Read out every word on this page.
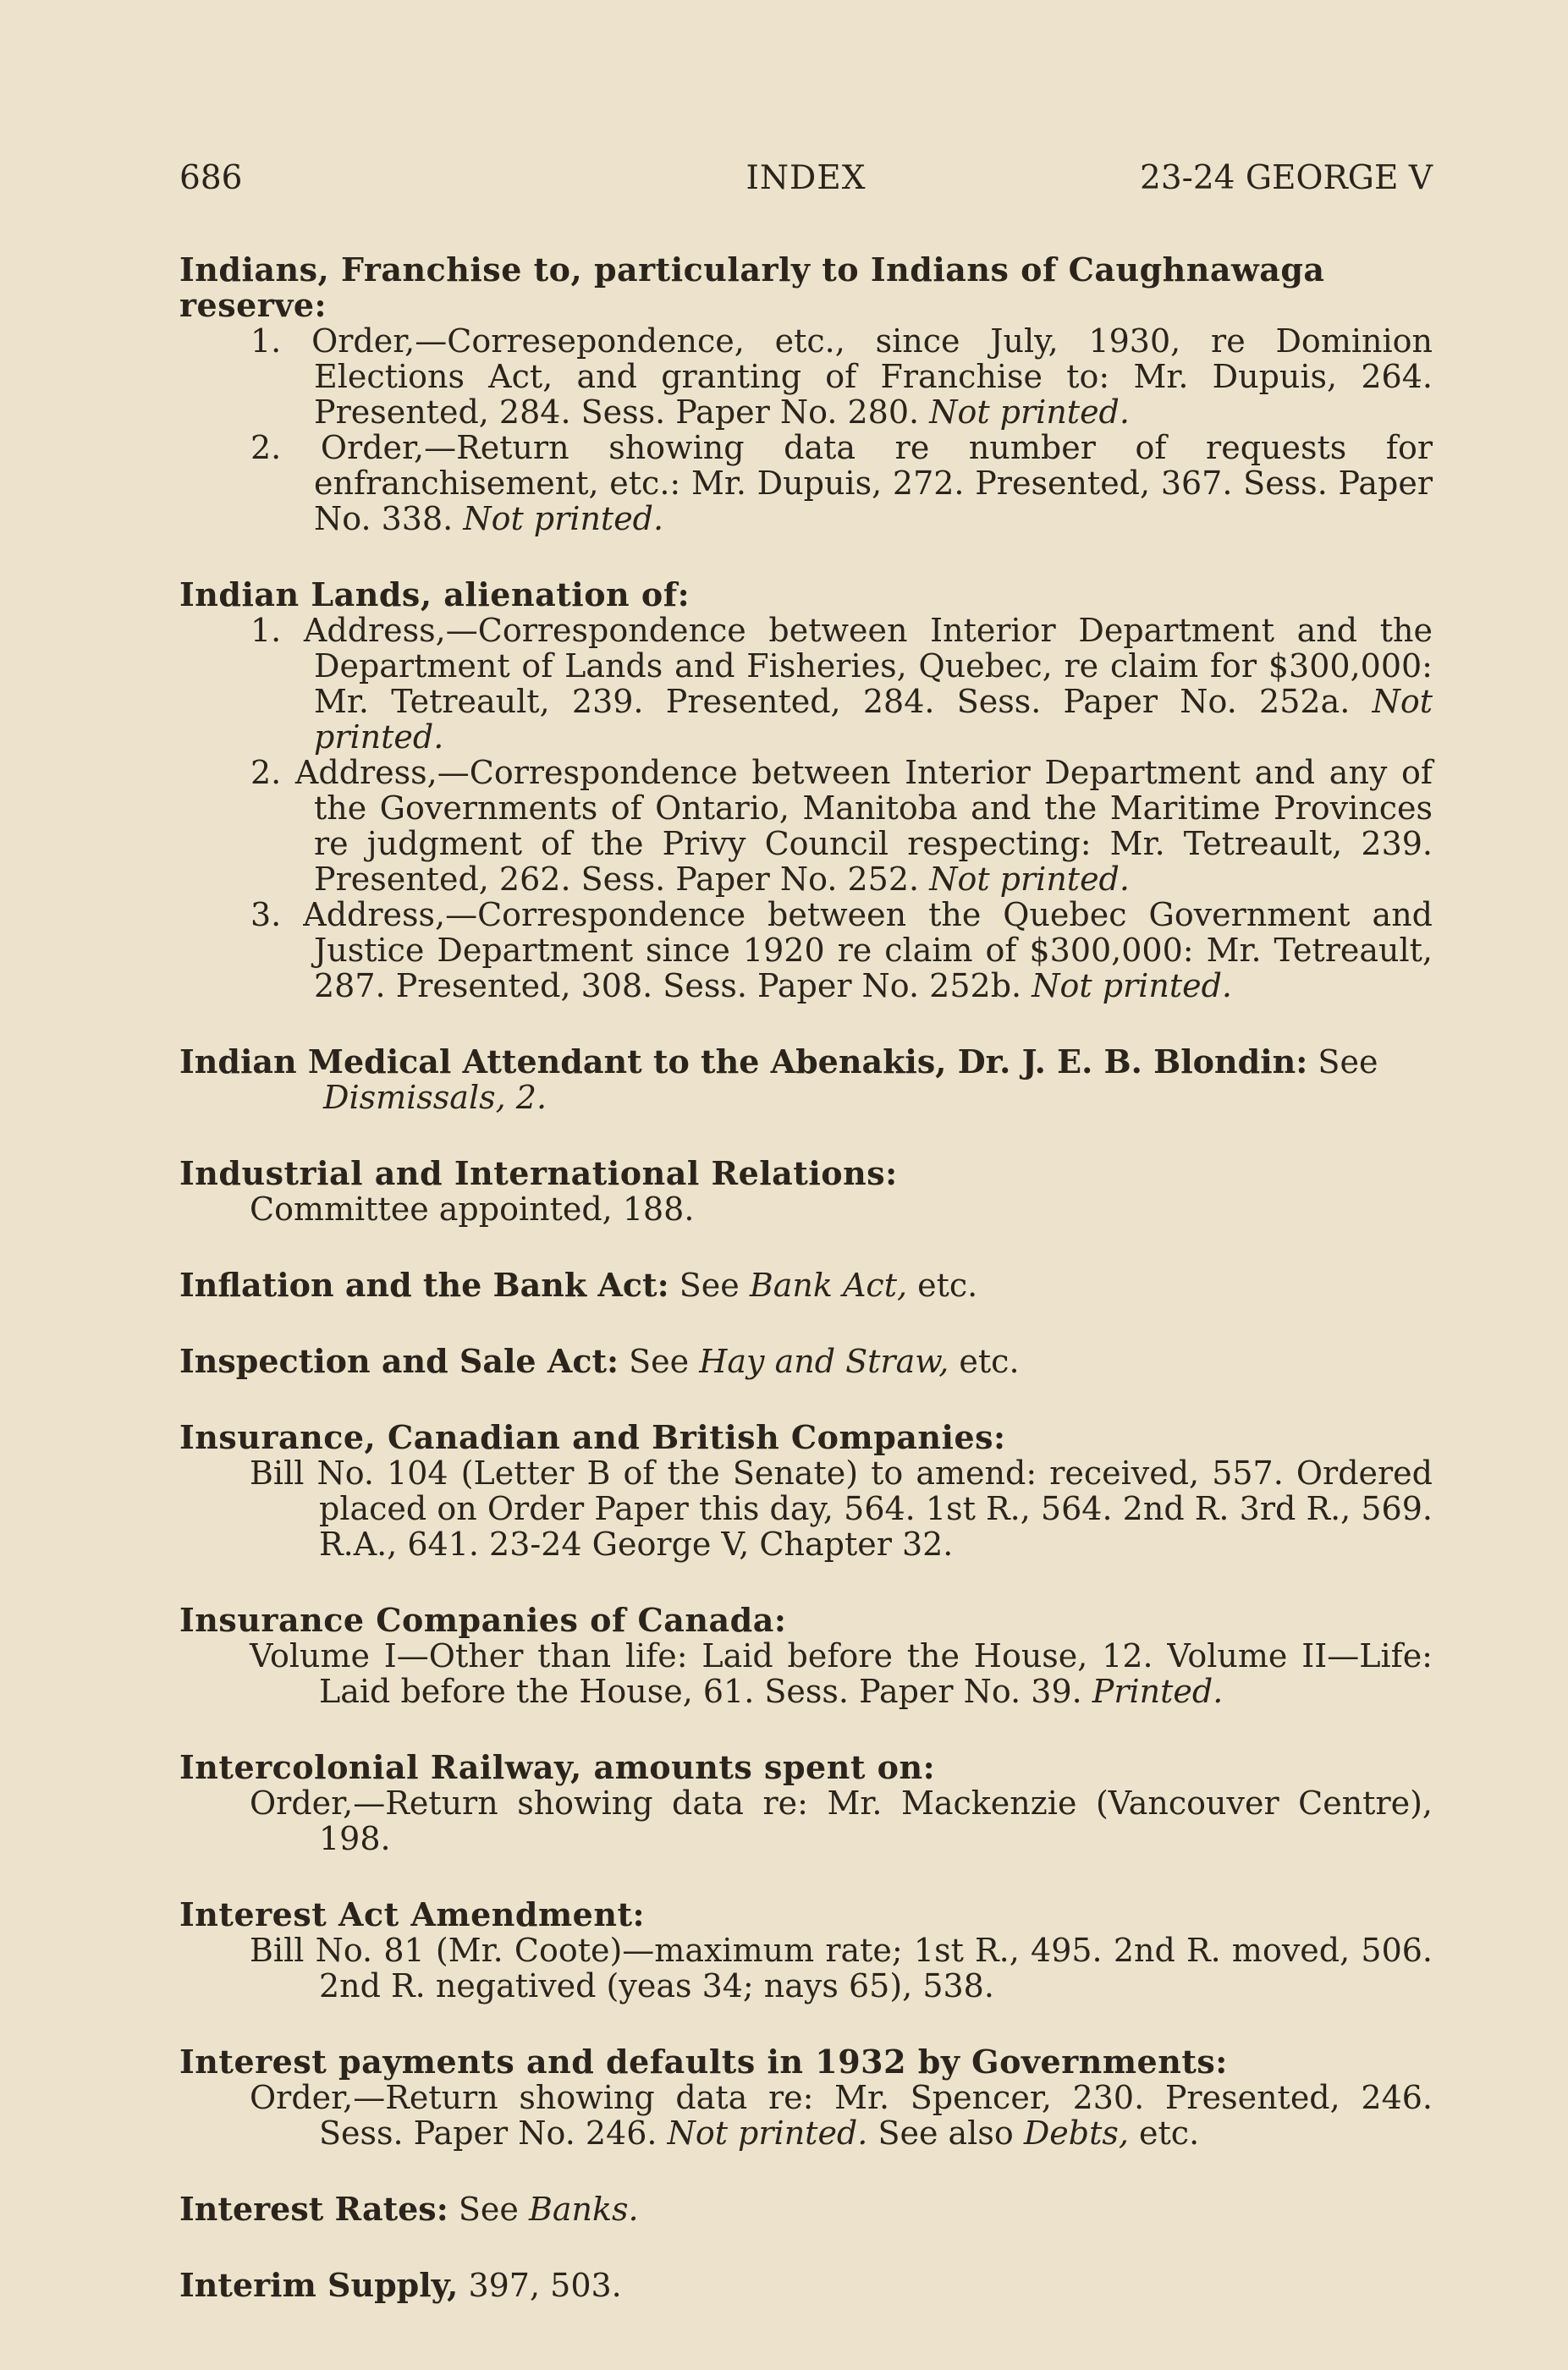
686	INDEX	23-24 GEORGE V
Indians, Franchise to, particularly to Indians of Caughnawaga reserve:
1. Order,—Corresepondence, etc., since July, 1930, re Dominion Elections Act, and granting of Franchise to: Mr. Dupuis, 264. Presented, 284. Sess. Paper No. 280. Not printed.
2. Order,—Return showing data re number of requests for enfranchisement, etc.: Mr. Dupuis, 272. Presented, 367. Sess. Paper No. 338. Not printed.
Indian Lands, alienation of:
1. Address,—Correspondence between Interior Department and the Department of Lands and Fisheries, Quebec, re claim for $300,000: Mr. Tetreault, 239. Presented, 284. Sess. Paper No. 252a. Not printed.
2. Address,—Correspondence between Interior Department and any of the Governments of Ontario, Manitoba and the Maritime Provinces re judgment of the Privy Council respecting: Mr. Tetreault, 239. Presented, 262. Sess. Paper No. 252. Not printed.
3. Address,—Correspondence between the Quebec Government and Justice Department since 1920 re claim of $300,000: Mr. Tetreault, 287. Presented, 308. Sess. Paper No. 252b. Not printed.
Indian Medical Attendant to the Abenakis, Dr. J. E. B. Blondin: See
Dismissals, 2.
Industrial and International Relations:
Committee appointed, 188.
Inflation and the Bank Act: See Bank Act, etc.
Inspection and Sale Act: See Hay and Straw, etc.
Insurance, Canadian and British Companies:
Bill No. 104 (Letter B of the Senate) to amend: received, 557. Ordered placed on Order Paper this day, 564. 1st R., 564. 2nd R. 3rd R., 569. R.A., 641. 23-24 George V, Chapter 32.
Insurance Companies of Canada:
Volume I—Other than life: Laid before the House, 12. Volume II—Life: Laid before the House, 61. Sess. Paper No. 39. Printed.
Intercolonial Railway, amounts spent on:
Order,—Return showing data re: Mr. Mackenzie (Vancouver Centre), 198.
Interest Act Amendment:
Bill No. 81 (Mr. Coote)—maximum rate; 1st R., 495. 2nd R. moved, 506. 2nd R. negatived (yeas 34; nays 65), 538.
Interest payments and defaults in 1932 by Governments:
Order,—Return showing data re: Mr. Spencer, 230. Presented, 246. Sess. Paper No. 246. Not printed. See also Debts, etc.
Interest Rates: See Banks.
Interim Supply, 397, 503.
